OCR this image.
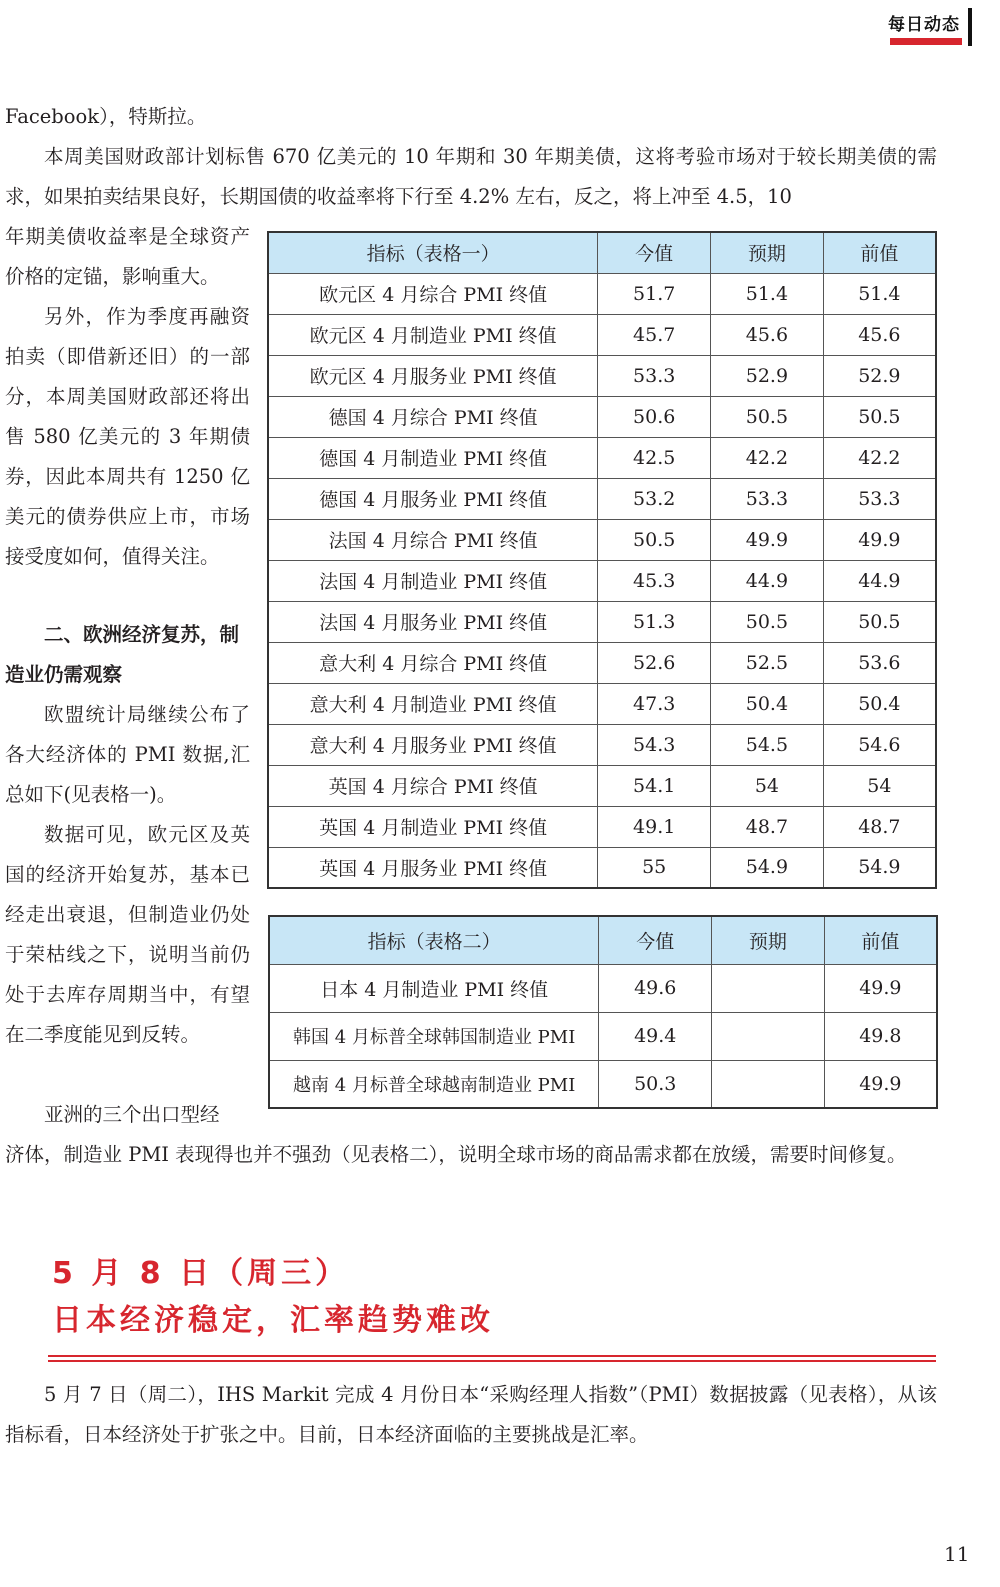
每日动态

Facebook），特斯拉。

本周美国财政部计划标售 670 亿美元的 10 年期和 30 年期美债，这将考验市场对于较长期美债的需求，如果拍卖结果良好，长期国债的收益率将下行至 4.2% 左右，反之，将上冲至 4.5，10

年期美债收益率是全球资产价格的定锚，影响重大。

另外，作为季度再融资拍卖（即借新还旧）的一部分，本周美国财政部还将出售 580 亿美元的 3 年期债券，因此本周共有 1250 亿美元的债券供应上市，市场接受度如何，值得关注。

二、欧洲经济复苏，制造业仍需观察

欧盟统计局继续公布了各大经济体的 PMI 数据,汇总如下(见表格一)。

数据可见，欧元区及英国的经济开始复苏，基本已经走出衰退，但制造业仍处于荣枯线之下，说明当前仍处于去库存周期当中，有望在二季度能见到反转。

亚洲的三个出口型经

济体，制造业 PMI 表现得也并不强劲（见表格二），说明全球市场的商品需求都在放缓，需要时间修复。

指标（表格一）	今值	预期	前值
欧元区 4 月综合 PMI 终值	51.7	51.4	51.4
欧元区 4 月制造业 PMI 终值	45.7	45.6	45.6
欧元区 4 月服务业 PMI 终值	53.3	52.9	52.9
德国 4 月综合 PMI 终值	50.6	50.5	50.5
德国 4 月制造业 PMI 终值	42.5	42.2	42.2
德国 4 月服务业 PMI 终值	53.2	53.3	53.3
法国 4 月综合 PMI 终值	50.5	49.9	49.9
法国 4 月制造业 PMI 终值	45.3	44.9	44.9
法国 4 月服务业 PMI 终值	51.3	50.5	50.5
意大利 4 月综合 PMI 终值	52.6	52.5	53.6
意大利 4 月制造业 PMI 终值	47.3	50.4	50.4
意大利 4 月服务业 PMI 终值	54.3	54.5	54.6
英国 4 月综合 PMI 终值	54.1	54	54
英国 4 月制造业 PMI 终值	49.1	48.7	48.7
英国 4 月服务业 PMI 终值	55	54.9	54.9
指标（表格二）	今值	预期	前值
日本 4 月制造业 PMI 终值	49.6		49.9
韩国 4 月标普全球韩国制造业 PMI	49.4		49.8
越南 4 月标普全球越南制造业 PMI	50.3		49.9

5 月 8 日（周三）

日本经济稳定，汇率趋势难改

5 月 7 日（周二），IHS Markit 完成 4 月份日本“采购经理人指数”（PMI）数据披露（见表格），从该指标看，日本经济处于扩张之中。目前，日本经济面临的主要挑战是汇率。

11
